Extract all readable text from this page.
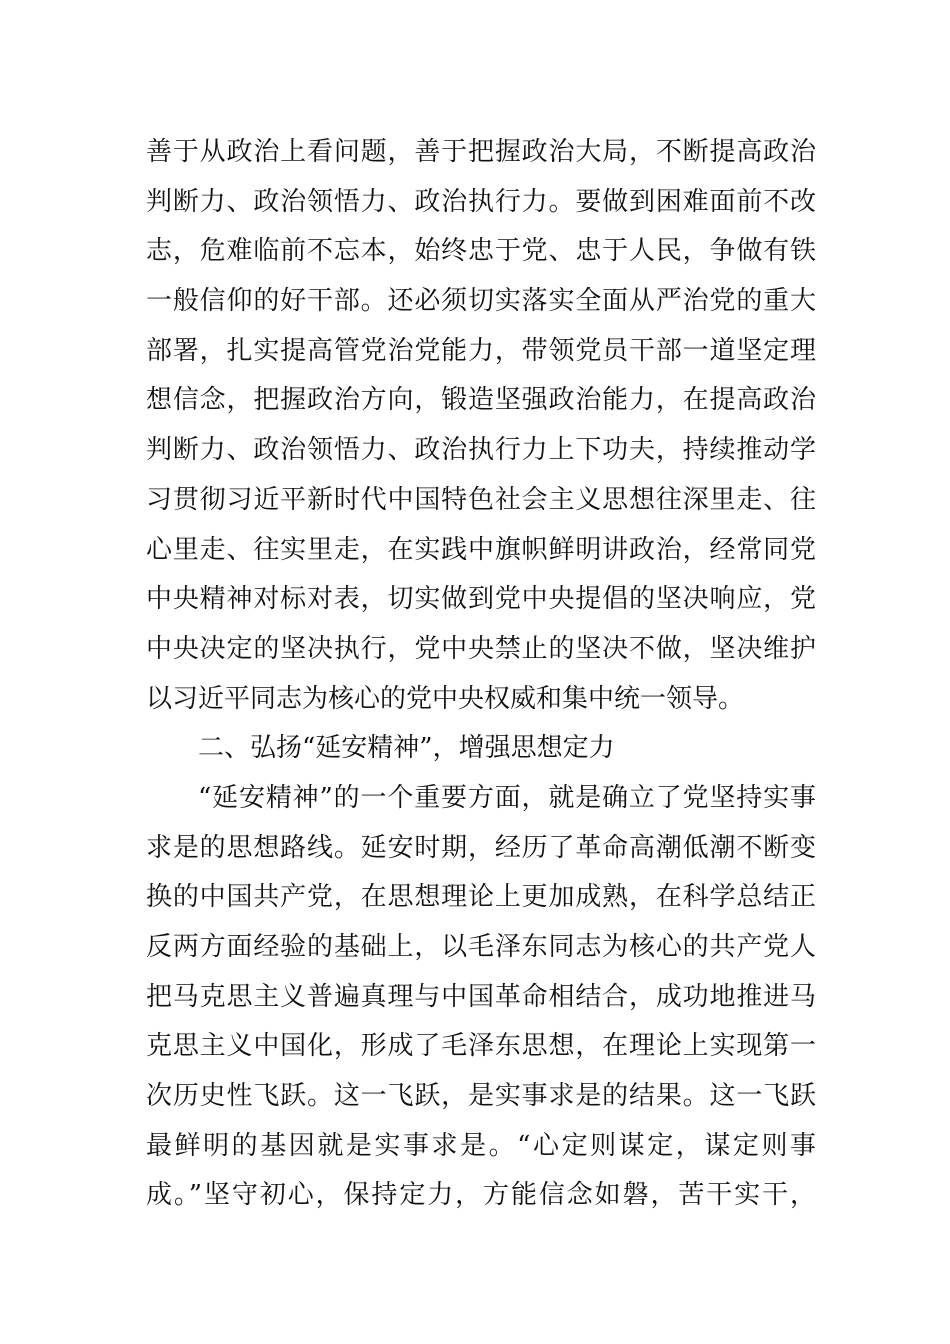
善于从政治上看问题，善于把握政治大局，不断提高政治
判断力、政治领悟力、政治执行力。要做到困难面前不改
志，危难临前不忘本，始终忠于党、忠于人民，争做有铁
一般信仰的好干部。还必须切实落实全面从严治党的重大
部署，扎实提高管党治党能力，带领党员干部一道坚定理
想信念，把握政治方向，锻造坚强政治能力，在提高政治
判断力、政治领悟力、政治执行力上下功夫，持续推动学
习贯彻习近平新时代中国特色社会主义思想往深里走、往
心里走、往实里走，在实践中旗帜鲜明讲政治，经常同党
中央精神对标对表，切实做到党中央提倡的坚决响应，党
中央决定的坚决执行，党中央禁止的坚决不做，坚决维护
以习近平同志为核心的党中央权威和集中统一领导。
二、弘扬“延安精神”，增强思想定力
“延安精神”的一个重要方面，就是确立了党坚持实事
求是的思想路线。延安时期，经历了革命高潮低潮不断变
换的中国共产党，在思想理论上更加成熟，在科学总结正
反两方面经验的基础上，以毛泽东同志为核心的共产党人
把马克思主义普遍真理与中国革命相结合，成功地推进马
克思主义中国化，形成了毛泽东思想，在理论上实现第一
次历史性飞跃。这一飞跃，是实事求是的结果。这一飞跃
最鲜明的基因就是实事求是。“心定则谋定，谋定则事
成。”坚守初心，保持定力，方能信念如磐，苦干实干，
